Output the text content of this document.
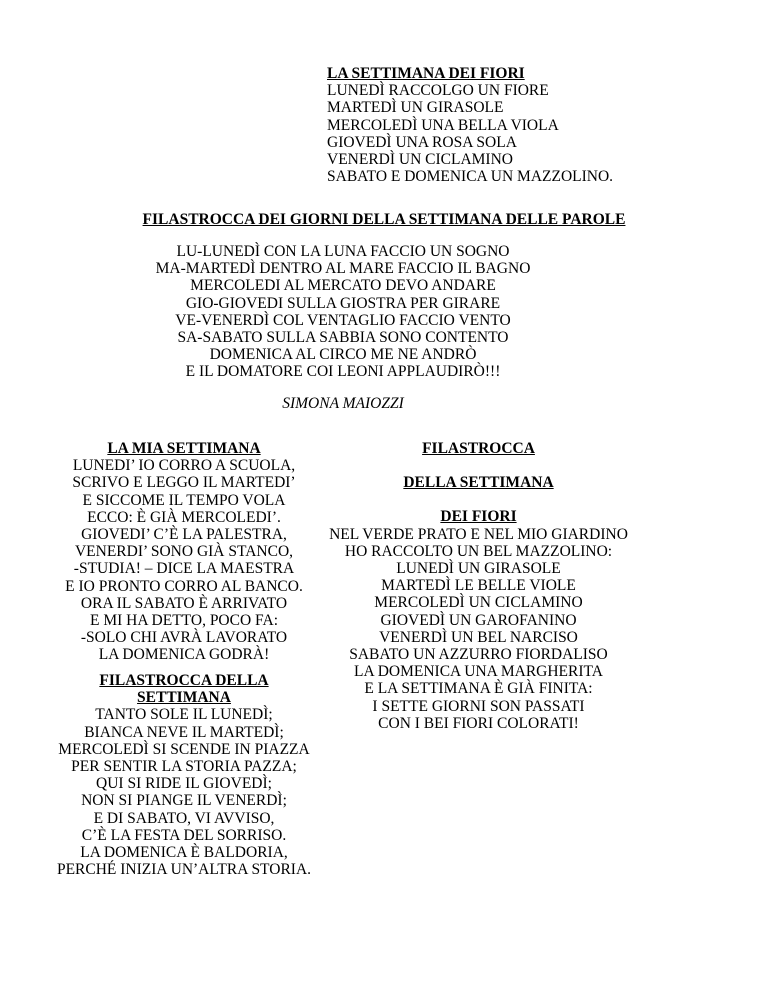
LA SETTIMANA DEI FIORI
LUNEDÌ RACCOLGO UN FIORE
MARTEDÌ UN GIRASOLE
MERCOLEDÌ UNA BELLA VIOLA
GIOVEDÌ UNA ROSA SOLA
VENERDÌ UN CICLAMINO
SABATO E DOMENICA UN MAZZOLINO.
FILASTROCCA DEI GIORNI DELLA SETTIMANA DELLE PAROLE
LU-LUNEDÌ CON LA LUNA FACCIO UN SOGNO
MA-MARTEDÌ DENTRO AL MARE FACCIO IL BAGNO
MERCOLEDI AL MERCATO DEVO ANDARE
GIO-GIOVEDI SULLA GIOSTRA PER GIRARE
VE-VENERDÌ COL VENTAGLIO FACCIO VENTO
SA-SABATO SULLA SABBIA SONO CONTENTO
DOMENICA AL CIRCO ME NE ANDRÒ
E IL DOMATORE COI LEONI APPLAUDIRÒ!!!
SIMONA MAIOZZI
LA MIA SETTIMANA
LUNEDI’ IO CORRO A SCUOLA,
SCRIVO E LEGGO IL MARTEDI’
E SICCOME IL TEMPO VOLA
ECCO: È GIÀ MERCOLEDI’.
GIOVEDI’ C’È LA PALESTRA,
VENERDI’ SONO GIÀ STANCO,
-STUDIA! – DICE LA MAESTRA
E IO PRONTO CORRO AL BANCO.
ORA IL SABATO È ARRIVATO
E MI HA DETTO, POCO FA:
-SOLO CHI AVRÀ LAVORATO
LA DOMENICA GODRÀ!
FILASTROCCA DELLA
SETTIMANA
TANTO SOLE IL LUNEDÌ;
BIANCA NEVE IL MARTEDÌ;
MERCOLEDÌ SI SCENDE IN PIAZZA
PER SENTIR LA STORIA PAZZA;
QUI SI RIDE IL GIOVEDÌ;
NON SI PIANGE IL VENERDÌ;
E DI SABATO, VI AVVISO,
C’È LA FESTA DEL SORRISO.
LA DOMENICA È BALDORIA,
PERCHÉ INIZIA UN’ALTRA STORIA.
FILASTROCCA
DELLA SETTIMANA
DEI FIORI
NEL VERDE PRATO E NEL MIO GIARDINO
HO RACCOLTO UN BEL MAZZOLINO:
LUNEDÌ UN GIRASOLE
MARTEDÌ LE BELLE VIOLE
MERCOLEDÌ UN CICLAMINO
GIOVEDÌ UN GAROFANINO
VENERDÌ UN BEL NARCISO
SABATO UN AZZURRO FIORDALISO
LA DOMENICA UNA MARGHERITA
E LA SETTIMANA È GIÀ FINITA:
I SETTE GIORNI SON PASSATI
CON I BEI FIORI COLORATI!
